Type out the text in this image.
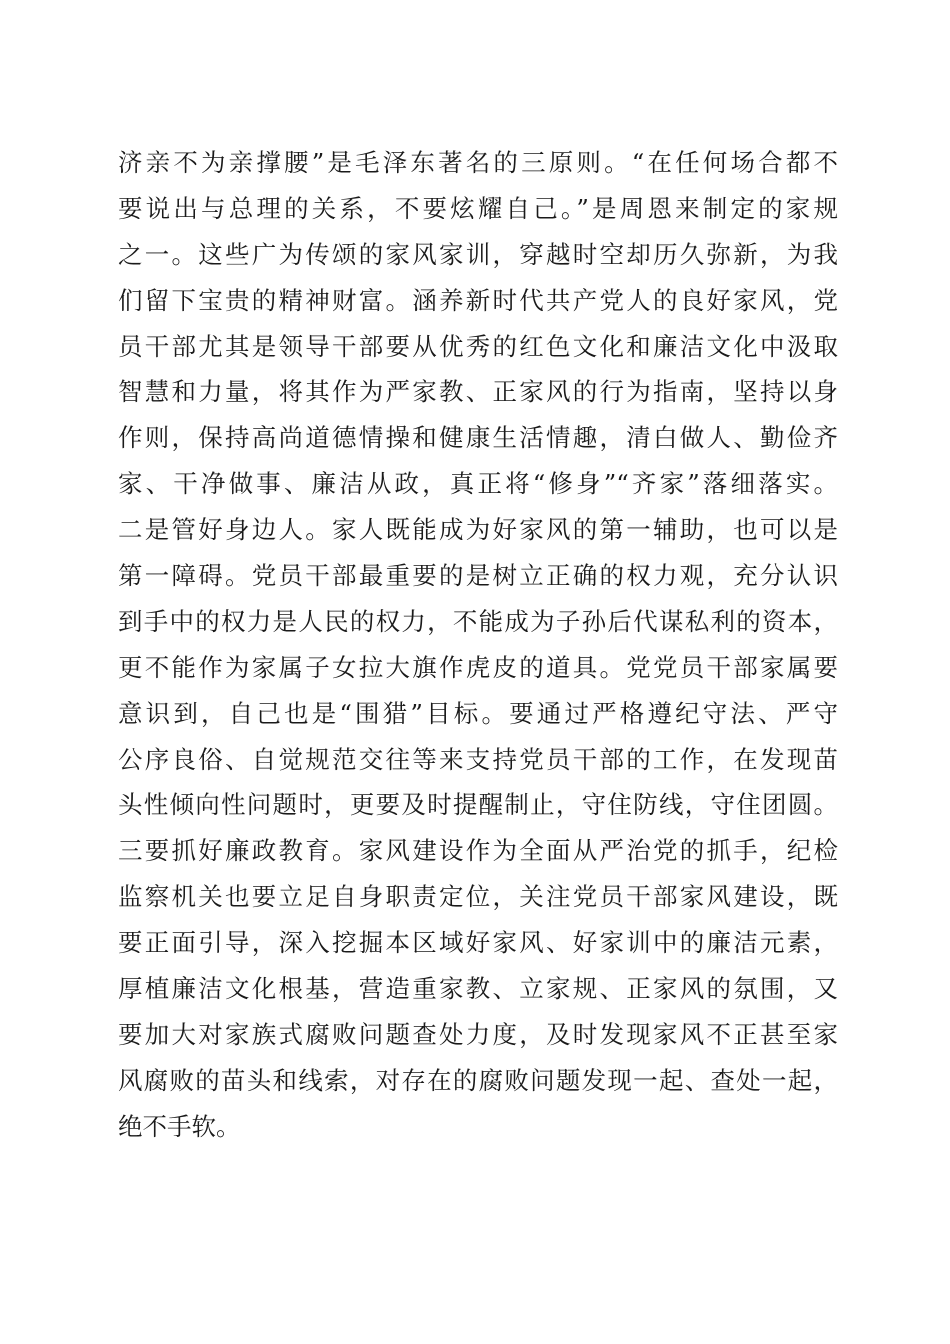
济亲不为亲撑腰”是毛泽东著名的三原则。“在任何场合都不
要说出与总理的关系，不要炫耀自己。”是周恩来制定的家规
之一。这些广为传颂的家风家训，穿越时空却历久弥新，为我
们留下宝贵的精神财富。涵养新时代共产党人的良好家风，党
员干部尤其是领导干部要从优秀的红色文化和廉洁文化中汲取
智慧和力量，将其作为严家教、正家风的行为指南，坚持以身
作则，保持高尚道德情操和健康生活情趣，清白做人、勤俭齐
家、干净做事、廉洁从政，真正将“修身”“齐家”落细落实。
二是管好身边人。家人既能成为好家风的第一辅助，也可以是
第一障碍。党员干部最重要的是树立正确的权力观，充分认识
到手中的权力是人民的权力，不能成为子孙后代谋私利的资本，
更不能作为家属子女拉大旗作虎皮的道具。党党员干部家属要
意识到，自己也是“围猎”目标。要通过严格遵纪守法、严守
公序良俗、自觉规范交往等来支持党员干部的工作，在发现苗
头性倾向性问题时，更要及时提醒制止，守住防线，守住团圆。
三要抓好廉政教育。家风建设作为全面从严治党的抓手，纪检
监察机关也要立足自身职责定位，关注党员干部家风建设，既
要正面引导，深入挖掘本区域好家风、好家训中的廉洁元素，
厚植廉洁文化根基，营造重家教、立家规、正家风的氛围，又
要加大对家族式腐败问题查处力度，及时发现家风不正甚至家
风腐败的苗头和线索，对存在的腐败问题发现一起、查处一起，
绝不手软。
